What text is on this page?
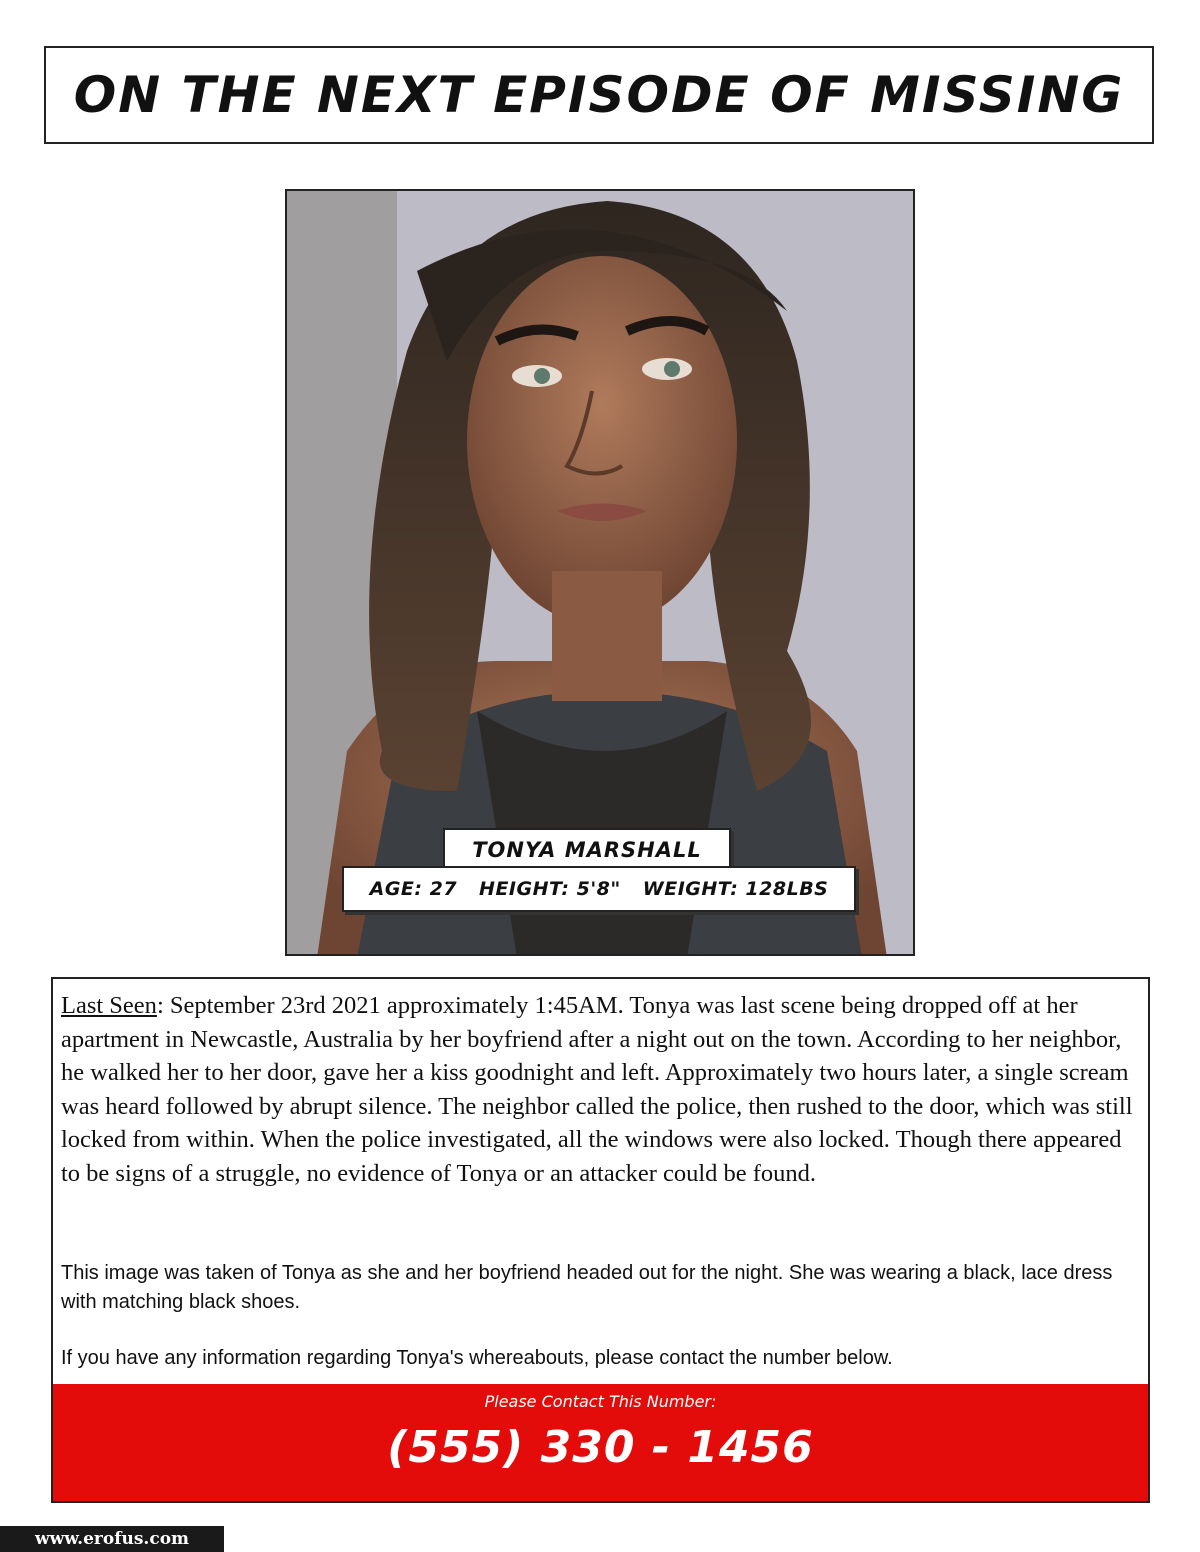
ON THE NEXT EPISODE OF MISSING
TONYA MARSHALL
AGE: 27 HEIGHT: 5'8" WEIGHT: 128LBS
Last Seen: September 23rd 2021 approximately 1:45AM. Tonya was last scene being dropped off at her apartment in Newcastle, Australia by her boyfriend after a night out on the town. According to her neighbor, he walked her to her door, gave her a kiss goodnight and left. Approximately two hours later, a single scream was heard followed by abrupt silence. The neighbor called the police, then rushed to the door, which was still locked from within. When the police investigated, all the windows were also locked. Though there appeared to be signs of a struggle, no evidence of Tonya or an attacker could be found.
This image was taken of Tonya as she and her boyfriend headed out for the night. She was wearing a black, lace dress with matching black shoes.
If you have any information regarding Tonya's whereabouts, please contact the number below.
Please Contact This Number:
(555) 330 - 1456
www.erofus.com
